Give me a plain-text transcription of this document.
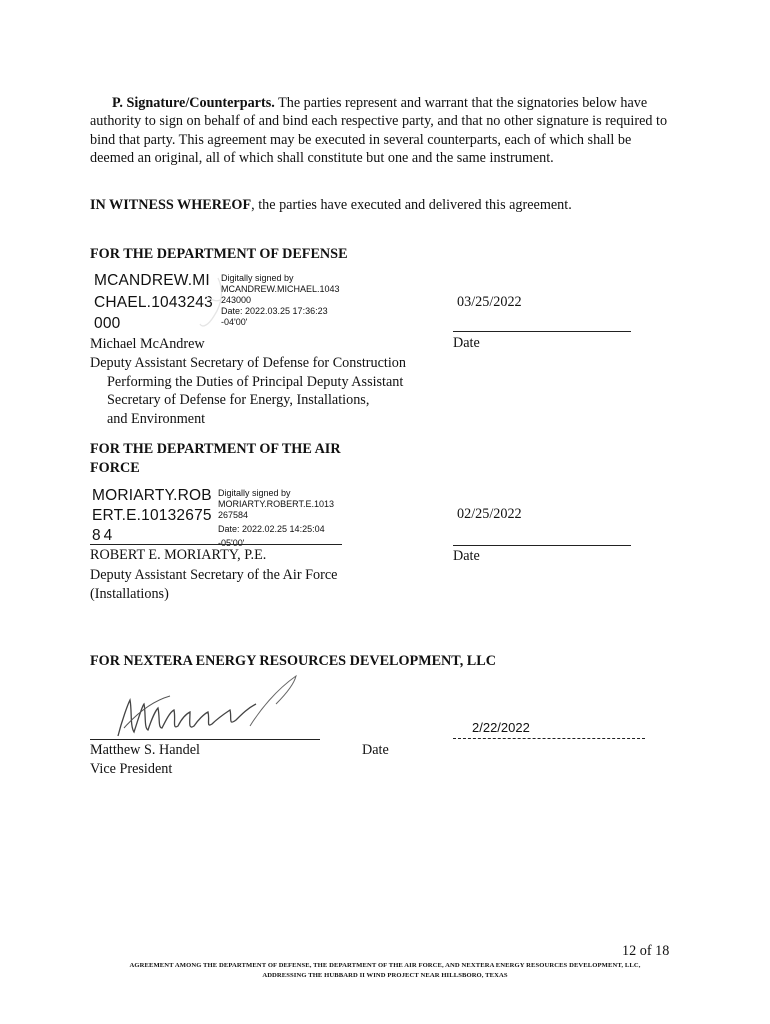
P. Signature/Counterparts. The parties represent and warrant that the signatories below have authority to sign on behalf of and bind each respective party, and that no other signature is required to bind that party. This agreement may be executed in several counterparts, each of which shall be deemed an original, all of which shall constitute but one and the same instrument.
IN WITNESS WHEREOF, the parties have executed and delivered this agreement.
FOR THE DEPARTMENT OF DEFENSE
MCANDREW.MI
CHAEL.1043243
000
Digitally signed by
MCANDREW.MICHAEL.1043
243000
Date: 2022.03.25 17:36:23
-04'00'
03/25/2022
Date
Michael McAndrew
Deputy Assistant Secretary of Defense for Construction
Performing the Duties of Principal Deputy Assistant
Secretary of Defense for Energy, Installations,
and Environment
FOR THE DEPARTMENT OF THE AIR
FORCE
MORIARTY.ROB
ERT.E.10132675
84
Digitally signed by
MORIARTY.ROBERT.E.1013
267584
Date: 2022.02.25 14:25:04
-05'00'
02/25/2022
Date
ROBERT E. MORIARTY, P.E.
Deputy Assistant Secretary of the Air Force
(Installations)
FOR NEXTERA ENERGY RESOURCES DEVELOPMENT, LLC
2/22/2022
Matthew S. Handel	Date
Vice President
12 of 18
AGREEMENT AMONG THE DEPARTMENT OF DEFENSE, THE DEPARTMENT OF THE AIR FORCE, AND NEXTERA ENERGY RESOURCES DEVELOPMENT, LLC,
ADDRESSING THE HUBBARD II WIND PROJECT NEAR HILLSBORO, TEXAS
